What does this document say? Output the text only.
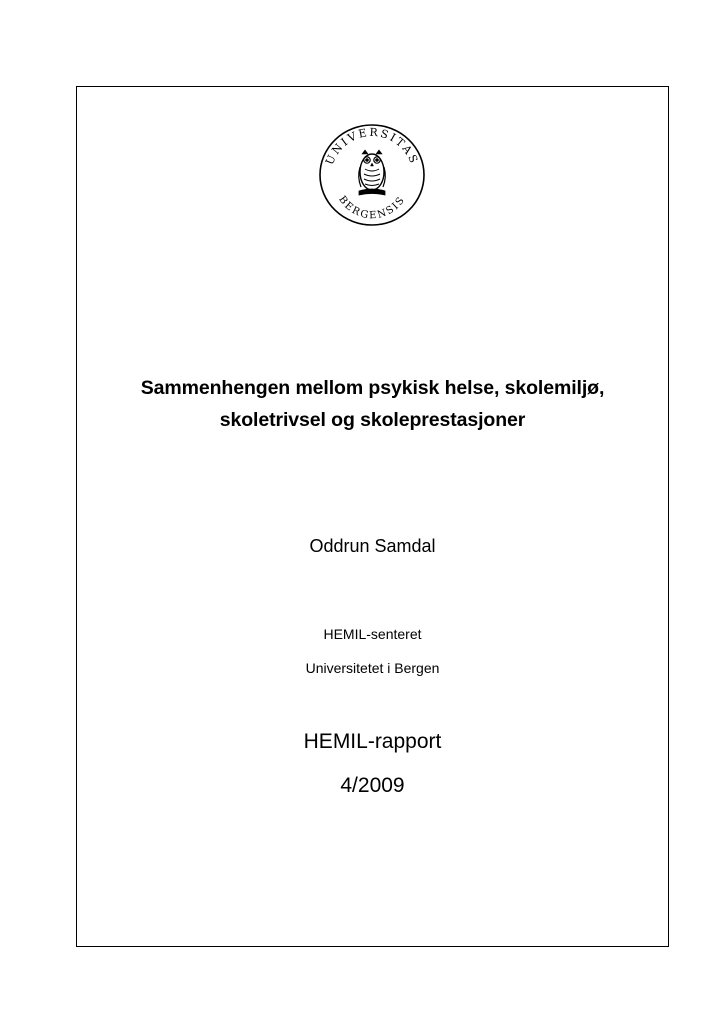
UNIVERSITAS
BERGENSIS
Sammenhengen mellom psykisk helse, skolemiljø,
skoletrivsel og skoleprestasjoner
Oddrun Samdal
HEMIL-senteret
Universitetet i Bergen
HEMIL-rapport
4/2009
